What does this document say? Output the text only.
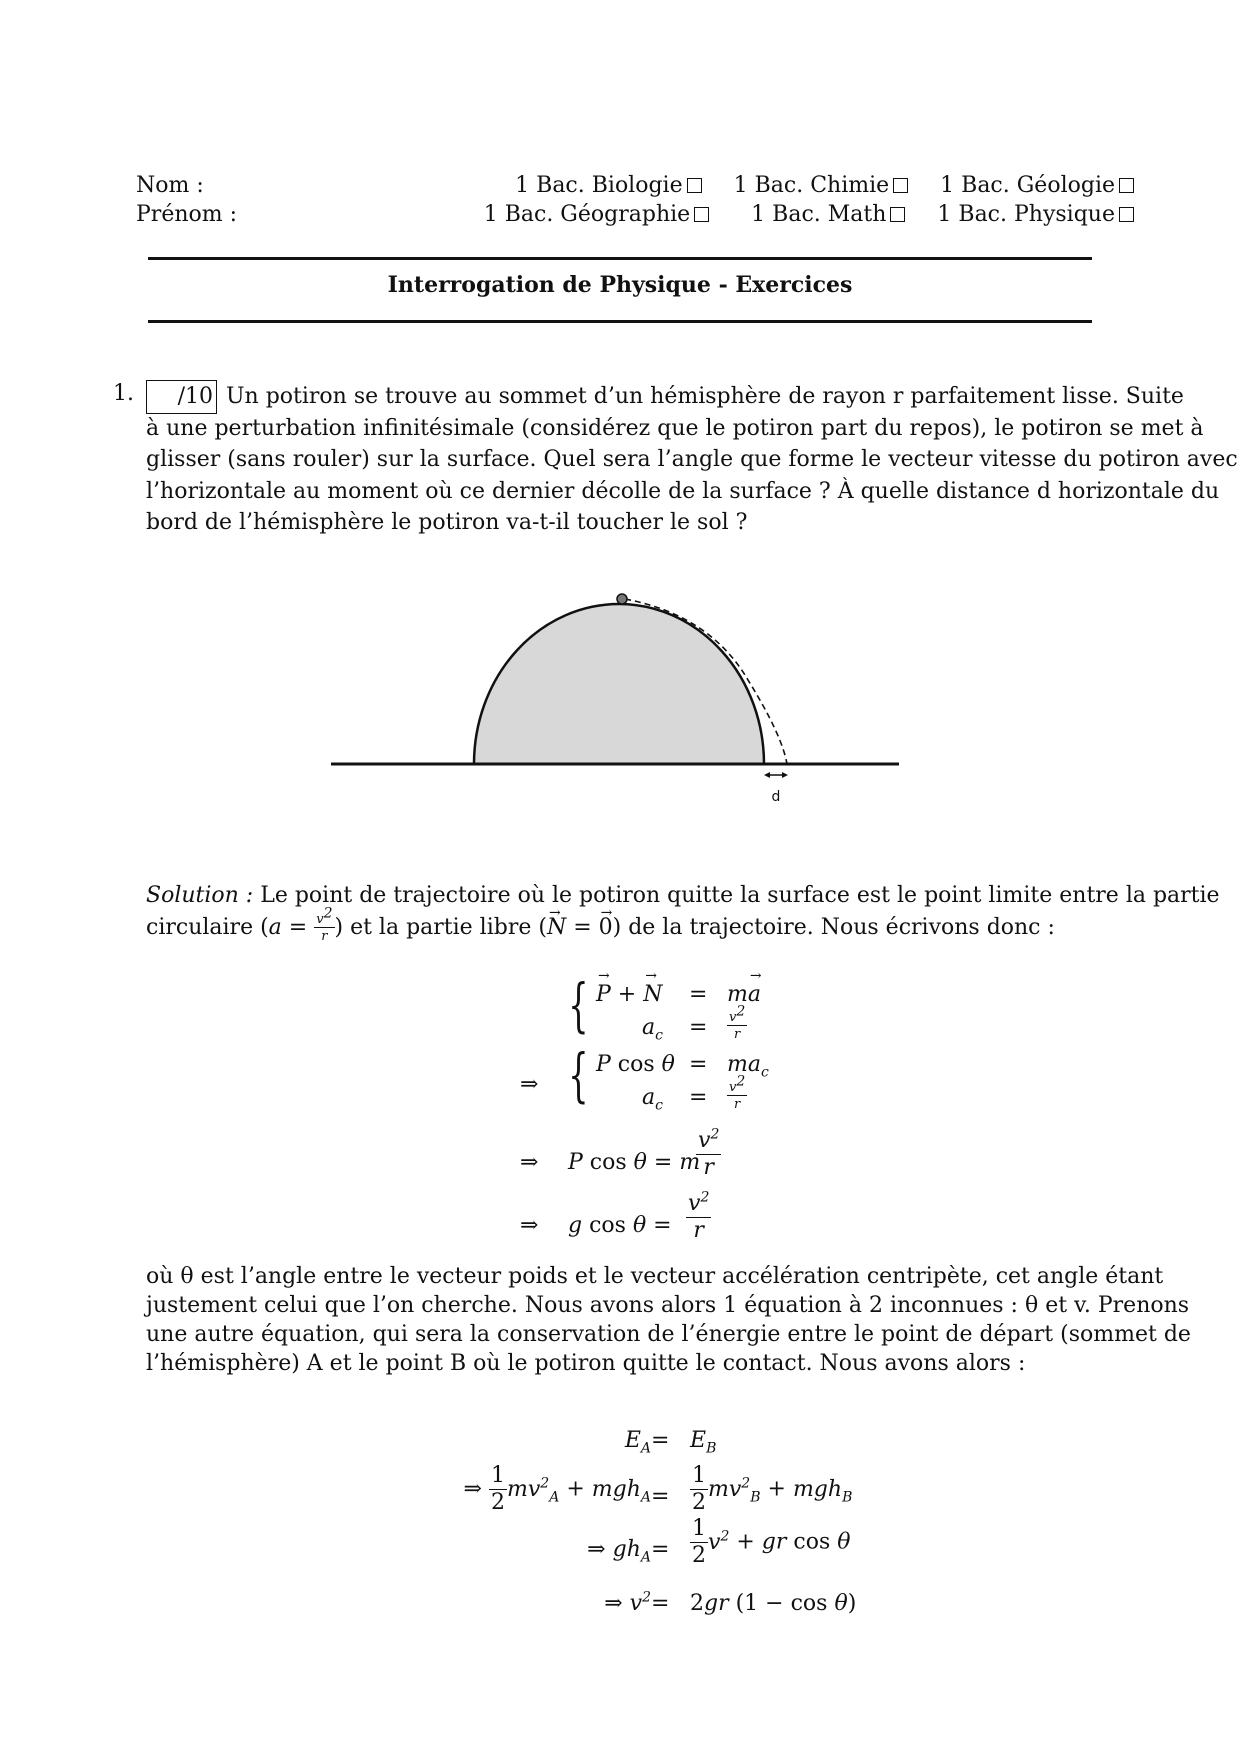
Nom :
Prénom :
1 Bac. Biologie 1 Bac. Chimie 1 Bac. Géologie
1 Bac. Géographie	1 Bac. Math 1 Bac. Physique
Interrogation de Physique - Exercices
1.	/10 Un potiron se trouve au sommet d’un hémisphère de rayon r parfaitement lisse. Suite
à une perturbation infinitésimale (considérez que le potiron part du repos), le potiron se met à
glisser (sans rouler) sur la surface. Quel sera l’angle que forme le vecteur vitesse du potiron avec
l’horizontale au moment où ce dernier décolle de la surface ? À quelle distance d horizontale du
bord de l’hémisphère le potiron va-t-il toucher le sol ?
d
Solution : Le point de trajectoire où le potiron quitte la surface est le point limite entre la partie
circulaire ($a = \frac{v^2}{r}$ ) et la partie libre (→ N = → 0) de la trajectoire. Nous écrivons donc :
{
→ P + → N = m→ a
$a_c = \frac{v^2}{r}$
⇒ { P $\cos \theta = ma_c$
$a_c = \frac{v^2}{r}$
⇒ P cos θ = m
$\frac{v^2}{r}$
⇒ g $\cos \theta = \frac{v^2}{r}$
où θ est l’angle entre le vecteur poids et le vecteur accélération centripète, cet angle étant
justement celui que l’on cherche. Nous avons alors 1 équation à 2 inconnues : θ et v. Prenons
une autre équation, qui sera la conservation de l’énergie entre le point de départ (sommet de
l’hémisphère) A et le point B où le potiron quitte le contact. Nous avons alors :
$E_A = E_B$
⇒ $\frac{1}{2} mv^2_A + mgh_A = \frac{1}{2} mv^2_B + mgh_B$
⇒ $gh_A = \frac{1}{2} v^2$ + gr cos θ
⇒ $v^2 = 2gr$ (1 − cos θ)
